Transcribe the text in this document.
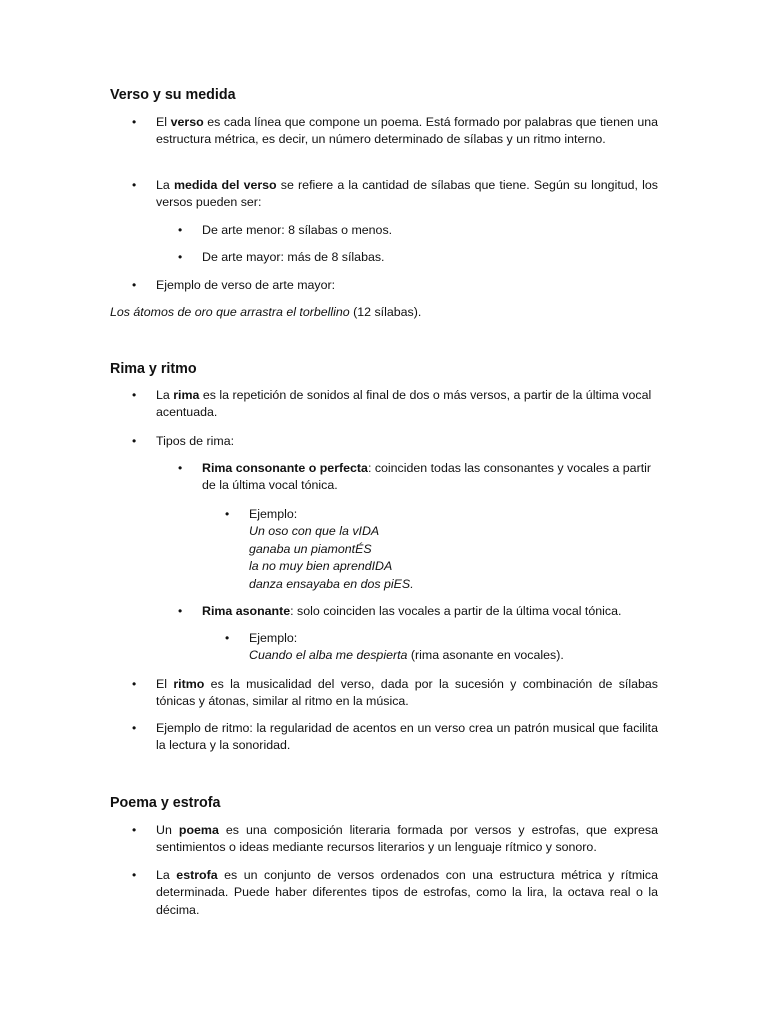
Verso y su medida
•	El verso es cada línea que compone un poema. Está formado por palabras que tienen una estructura métrica, es decir, un número determinado de sílabas y un ritmo interno.
•	La medida del verso se refiere a la cantidad de sílabas que tiene. Según su longitud, los versos pueden ser:
•	De arte menor: 8 sílabas o menos.
•	De arte mayor: más de 8 sílabas.
•	Ejemplo de verso de arte mayor:
Los átomos de oro que arrastra el torbellino (12 sílabas).
Rima y ritmo
•	La rima es la repetición de sonidos al final de dos o más versos, a partir de la última vocal acentuada.
•	Tipos de rima:
•	Rima consonante o perfecta: coinciden todas las consonantes y vocales a partir de la última vocal tónica.
•	Ejemplo:
Un oso con que la vIDA
ganaba un piamontÉS
la no muy bien aprendIDA
danza ensayaba en dos piES.
•	Rima asonante: solo coinciden las vocales a partir de la última vocal tónica.
•	Ejemplo:
Cuando el alba me despierta (rima asonante en vocales).
•	El ritmo es la musicalidad del verso, dada por la sucesión y combinación de sílabas tónicas y átonas, similar al ritmo en la música.
•	Ejemplo de ritmo: la regularidad de acentos en un verso crea un patrón musical que facilita la lectura y la sonoridad.
Poema y estrofa
•	Un poema es una composición literaria formada por versos y estrofas, que expresa sentimientos o ideas mediante recursos literarios y un lenguaje rítmico y sonoro.
•	La estrofa es un conjunto de versos ordenados con una estructura métrica y rítmica determinada. Puede haber diferentes tipos de estrofas, como la lira, la octava real o la décima.
